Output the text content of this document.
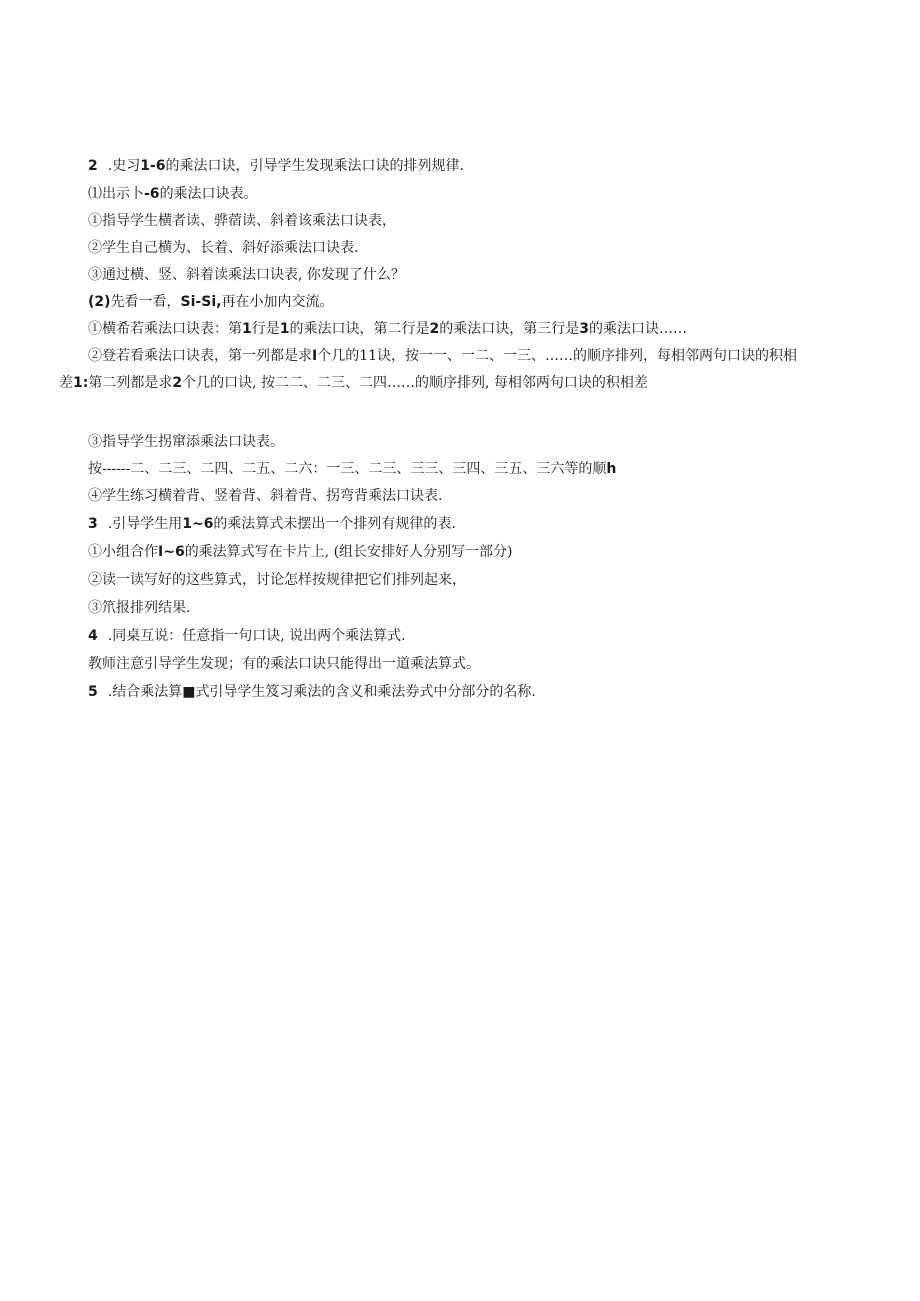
2 .史习1-6的乘法口诀，引导学生发现乘法口诀的排列规律.
⑴出示卜-6的乘法口诀表。
①指导学生横者读、骅蓿读、斜着该乘法口诀表，
②学生自己横为、长着、斜好添乘法口诀表.
③通过横、竖、斜着读乘法口诀表, 你发现了什么？
(2)先看一看，Si-Si,再在小加内交流。
①横希若乘法口诀表：第1行是1的乘法口诀，第二行是2的乘法口诀，第三行是3的乘法口诀……
②登若看乘法口诀表，第一列都是求I个几的11诀，按一一、一二、一三、……的顺序排列，每相邻两句口诀的积相
差1:第二列都是求2个几的口诀, 按二二、二三、二四……的顺序排列, 每相邻两句口诀的积相差
③指导学生拐窜添乘法口诀表。
按------二、二三、二四、二五、二六：一三、二三、三三、三四、三五、三六等的顺h
④学生练习横着背、竖着背、斜着背、拐弯背乘法口诀表.
3 .引导学生用1~6的乘法算式未摆出一个排列有规律的表.
①小组合作I~6的乘法算式写在卡片上, (组长安排好人分别写一部分)
②读一读写好的这些算式，讨论怎样按规律把它们排列起来，
③笊报排列结果.
4 .同桌互说：任意指一句口诀, 说出两个乘法算式.
教师注意引导学生发现；有的乘法口诀只能得出一道乘法算式。
5 .结合乘法算■式引导学生笈习乘法的含义和乘法券式中分部分的名称.
